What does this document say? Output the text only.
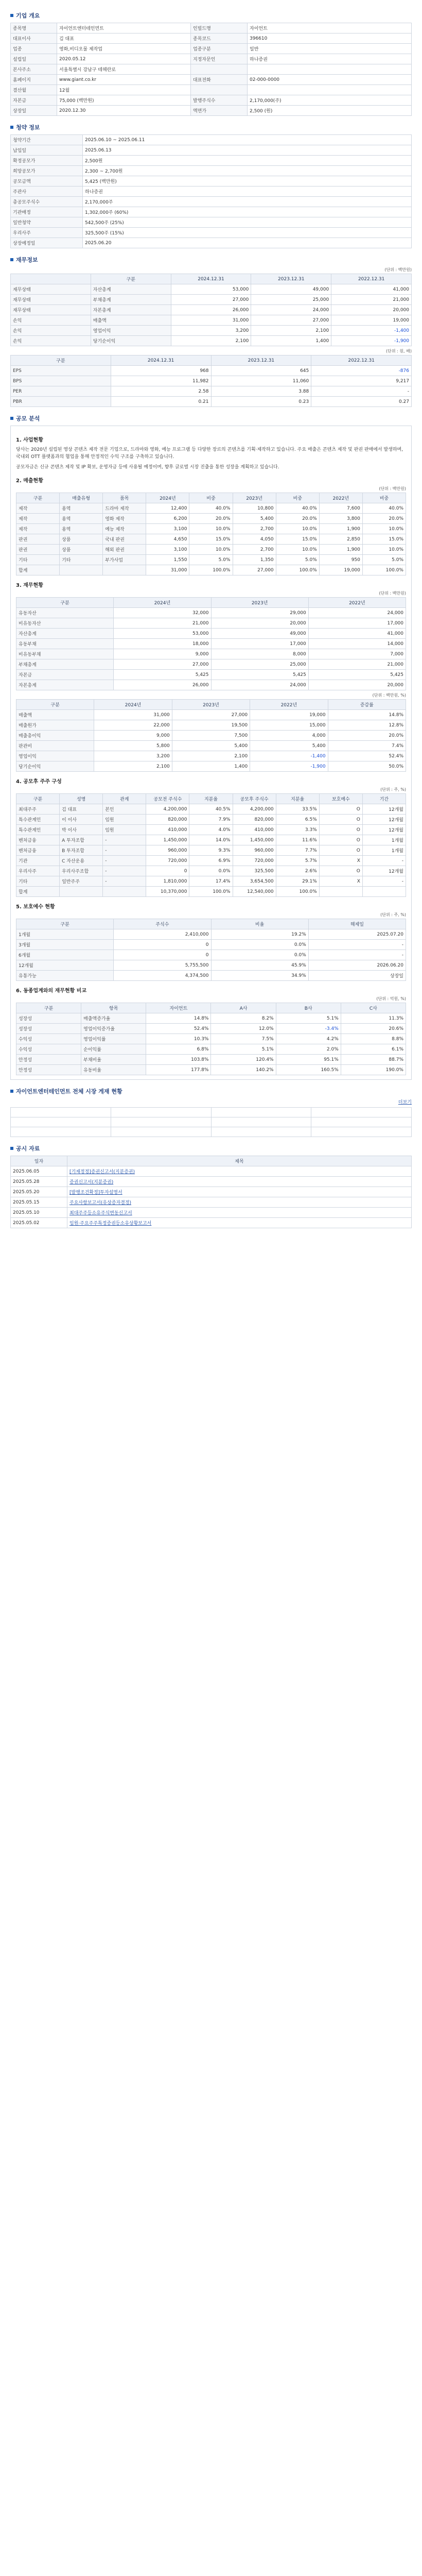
기업 개요
종목명	자이언트엔터테인먼트	인빌드명	자이언트
대표이사	김 대표	종목코드	396610
업종	영화,비디오물 제작업	업종구분	일반
설립일	2020.05.12	지정자문인	하나증권
본사주소	서울특별시 강남구 테헤란로		
홈페이지	www.giant.co.kr	대표전화	02-000-0000
결산월	12월		
자본금	75,000 (백만원)	발행주식수	2,170,000(주)
상장일	2020.12.30	액면가	2,500 (원)
청약 정보
청약기간	2025.06.10 ~ 2025.06.11
납입일	2025.06.13
확정공모가	2,500원
희망공모가	2,300 ~ 2,700원
공모금액	5,425 (백만원)
주관사	하나증권
총공모주식수	2,170,000주
기관배정	1,302,000주 (60%)
일반청약	542,500주 (25%)
우리사주	325,500주 (15%)
상장예정일	2025.06.20
재무정보
(단위 : 백만원)
	구분	2024.12.31	2023.12.31	2022.12.31
재무상태	자산총계	53,000	49,000	41,000
재무상태	부채총계	27,000	25,000	21,000
재무상태	자본총계	26,000	24,000	20,000
손익	매출액	31,000	27,000	19,000
손익	영업이익	3,200	2,100	-1,400
손익	당기순이익	2,100	1,400	-1,900
(단위 : 원, 배)
구분	2024.12.31	2023.12.31	2022.12.31
EPS	968	645	-876
BPS	11,982	11,060	9,217
PER	2.58	3.88	-
PBR	0.21	0.23	0.27
공모 분석
1. 사업현황
당사는 2020년 설립된 영상 콘텐츠 제작 전문 기업으로, 드라마와 영화, 예능 프로그램 등 다양한 장르의 콘텐츠를 기획·제작하고 있습니다. 주요 매출은 콘텐츠 제작 및 판권 판매에서 발생하며, 국내외 OTT 플랫폼과의 협업을 통해 안정적인 수익 구조를 구축하고 있습니다.
공모자금은 신규 콘텐츠 제작 및 IP 확보, 운영자금 등에 사용될 예정이며, 향후 글로벌 시장 진출을 통한 성장을 계획하고 있습니다.
2. 매출현황
(단위 : 백만원)
구분	매출유형	품목	2024년	비중	2023년	비중	2022년	비중
제작	용역	드라마 제작	12,400	40.0%	10,800	40.0%	7,600	40.0%
제작	용역	영화 제작	6,200	20.0%	5,400	20.0%	3,800	20.0%
제작	용역	예능 제작	3,100	10.0%	2,700	10.0%	1,900	10.0%
판권	상품	국내 판권	4,650	15.0%	4,050	15.0%	2,850	15.0%
판권	상품	해외 판권	3,100	10.0%	2,700	10.0%	1,900	10.0%
기타	기타	부가사업	1,550	5.0%	1,350	5.0%	950	5.0%
합계			31,000	100.0%	27,000	100.0%	19,000	100.0%
3. 재무현황
(단위 : 백만원)
구분	2024년	2023년	2022년
유동자산	32,000	29,000	24,000
비유동자산	21,000	20,000	17,000
자산총계	53,000	49,000	41,000
유동부채	18,000	17,000	14,000
비유동부채	9,000	8,000	7,000
부채총계	27,000	25,000	21,000
자본금	5,425	5,425	5,425
자본총계	26,000	24,000	20,000
(단위 : 백만원, %)
구분	2024년	2023년	2022년	증감률
매출액	31,000	27,000	19,000	14.8%
매출원가	22,000	19,500	15,000	12.8%
매출총이익	9,000	7,500	4,000	20.0%
판관비	5,800	5,400	5,400	7.4%
영업이익	3,200	2,100	-1,400	52.4%
당기순이익	2,100	1,400	-1,900	50.0%
4. 공모후 주주 구성
(단위 : 주, %)
구분	성명	관계	공모전 주식수	지분율	공모후 주식수	지분율	보호예수	기간
최대주주	김 대표	본인	4,200,000	40.5%	4,200,000	33.5%	O	12개월
특수관계인	이 이사	임원	820,000	7.9%	820,000	6.5%	O	12개월
특수관계인	박 이사	임원	410,000	4.0%	410,000	3.3%	O	12개월
벤처금융	A 투자조합	-	1,450,000	14.0%	1,450,000	11.6%	O	1개월
벤처금융	B 투자조합	-	960,000	9.3%	960,000	7.7%	O	1개월
기관	C 자산운용	-	720,000	6.9%	720,000	5.7%	X	-
우리사주	우리사주조합	-	0	0.0%	325,500	2.6%	O	12개월
기타	일반주주	-	1,810,000	17.4%	3,654,500	29.1%	X	-
합계			10,370,000	100.0%	12,540,000	100.0%		
5. 보호예수 현황
(단위 : 주, %)
구분	주식수	비율	해제일
1개월	2,410,000	19.2%	2025.07.20
3개월	0	0.0%	-
6개월	0	0.0%	-
12개월	5,755,500	45.9%	2026.06.20
유통가능	4,374,500	34.9%	상장일
6. 동종업계와의 재무현황 비교
(단위 : 억원, %)
구분	항목	자이언트	A사	B사	C사
성장성	매출액증가율	14.8%	8.2%	5.1%	11.3%
성장성	영업이익증가율	52.4%	12.0%	-3.4%	20.6%
수익성	영업이익률	10.3%	7.5%	4.2%	8.8%
수익성	순이익률	6.8%	5.1%	2.0%	6.1%
안정성	부채비율	103.8%	120.4%	95.1%	88.7%
안정성	유동비율	177.8%	140.2%	160.5%	190.0%
자이언트엔터테인먼트 전체 시장 게재 현황
더보기

공시 자료
일자	제목
2025.06.05	[기재정정]증권신고서(지분증권)
2025.05.28	증권신고서(지분증권)
2025.05.20	[발행조건확정]투자설명서
2025.05.15	주요사항보고서(유상증자결정)
2025.05.10	최대주주등소유주식변동신고서
2025.05.02	임원·주요주주특정증권등소유상황보고서
